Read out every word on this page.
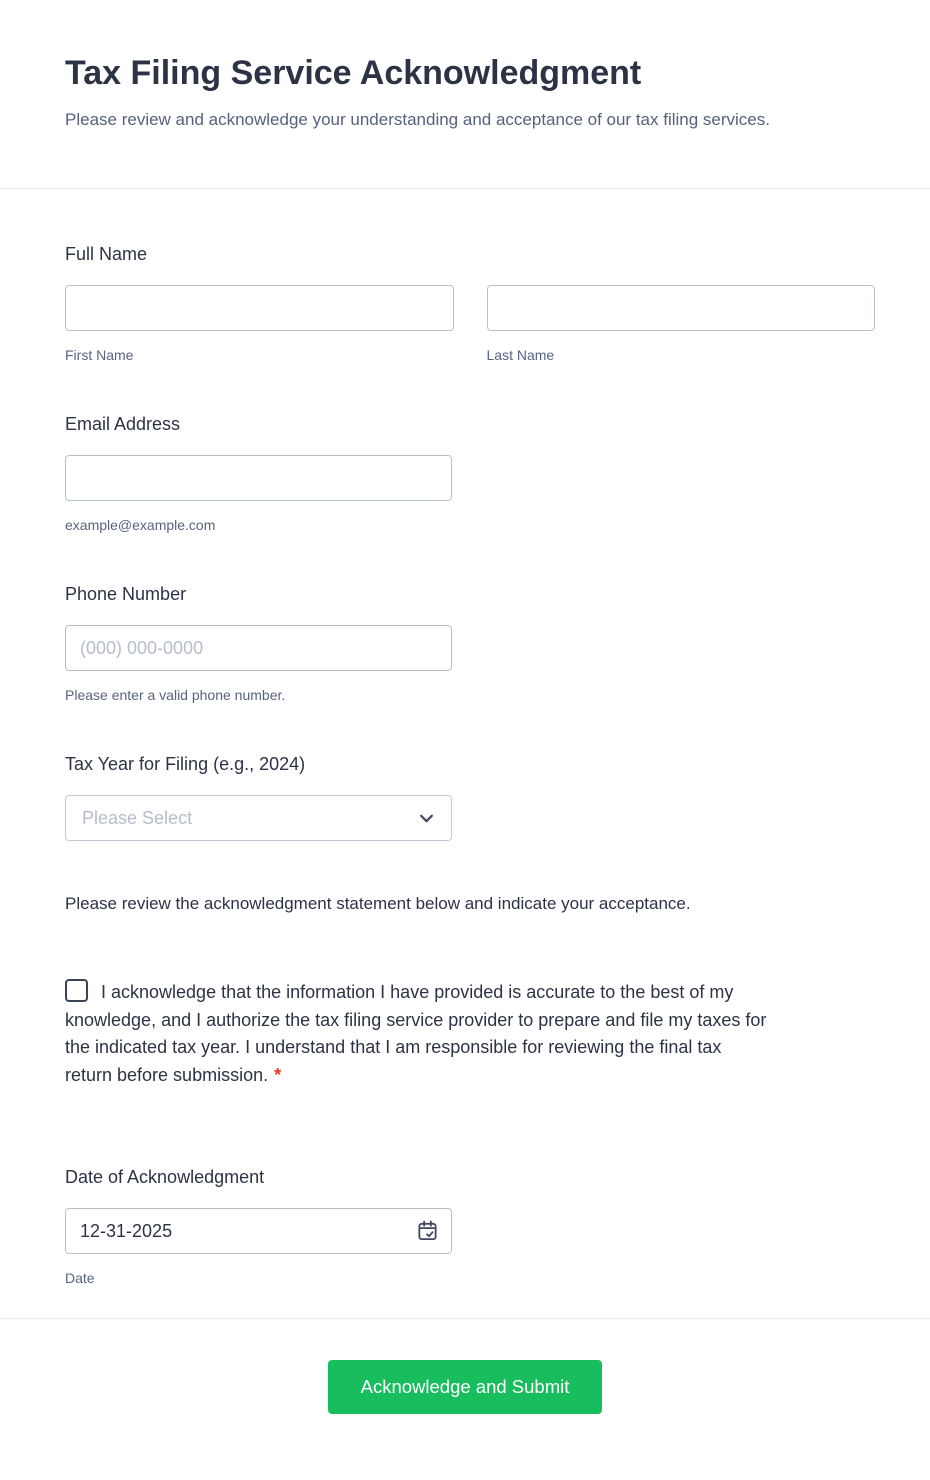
Tax Filing Service Acknowledgment

Please review and acknowledge your understanding and acceptance of our tax filing services.

Full Name
First Name	Last Name
Email Address
example@example.com
Phone Number
(000) 000-0000
Please enter a valid phone number.
Tax Year for Filing (e.g., 2024)
Please Select

Please review the acknowledgment statement below and indicate your acceptance.

I acknowledge that the information I have provided is accurate to the best of my knowledge, and I authorize the tax filing service provider to prepare and file my taxes for the indicated tax year. I understand that I am responsible for reviewing the final tax return before submission. *
Date of Acknowledgment
12-31-2025
Date
Acknowledge and Submit
